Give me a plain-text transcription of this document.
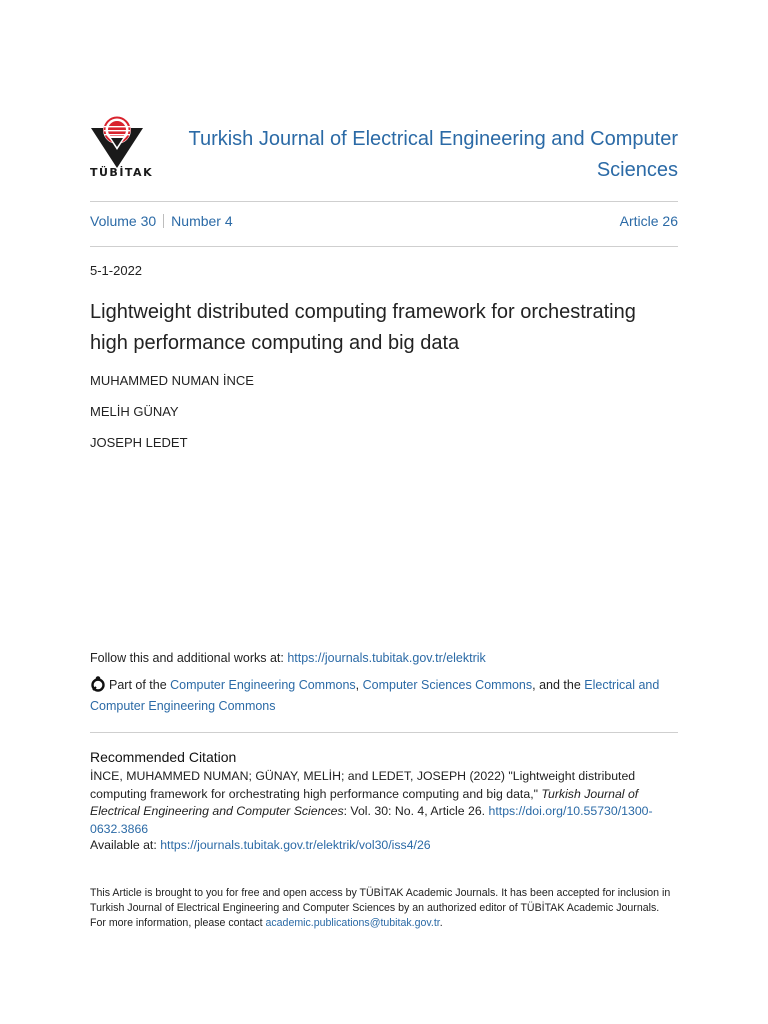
TÜBİTAK
Turkish Journal of Electrical Engineering and Computer Sciences
Volume 30 Number 4	Article 26
5-1-2022
Lightweight distributed computing framework for orchestrating high performance computing and big data
MUHAMMED NUMAN İNCE
MELİH GÜNAY
JOSEPH LEDET
Follow this and additional works at: https://journals.tubitak.gov.tr/elektrik
Part of the Computer Engineering Commons, Computer Sciences Commons, and the Electrical and Computer Engineering Commons
Recommended Citation
İNCE, MUHAMMED NUMAN; GÜNAY, MELİH; and LEDET, JOSEPH (2022) "Lightweight distributed computing framework for orchestrating high performance computing and big data," Turkish Journal of Electrical Engineering and Computer Sciences: Vol. 30: No. 4, Article 26. https://doi.org/10.55730/1300-0632.3866
Available at: https://journals.tubitak.gov.tr/elektrik/vol30/iss4/26
This Article is brought to you for free and open access by TÜBİTAK Academic Journals. It has been accepted for inclusion in Turkish Journal of Electrical Engineering and Computer Sciences by an authorized editor of TÜBİTAK Academic Journals. For more information, please contact academic.publications@tubitak.gov.tr.
